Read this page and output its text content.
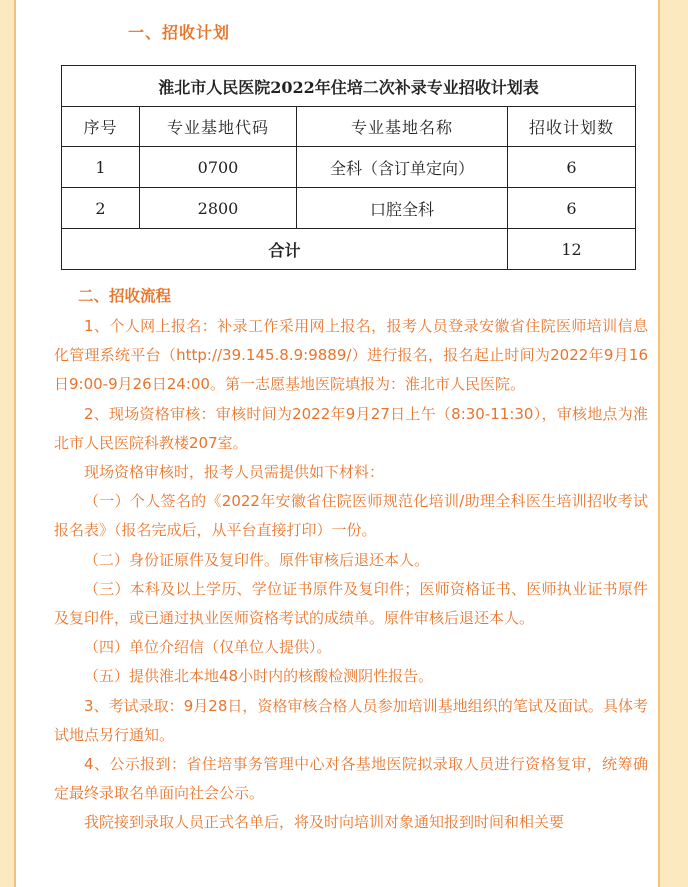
一、招收计划
淮北市人民医院2022年住培二次补录专业招收计划表			
序号	专业基地代码	专业基地名称	招收计划数
1	0700	全科（含订单定向）	6
2	2800	口腔全科	6
合计			12
二、招收流程

1、个人网上报名：补录工作采用网上报名，报考人员登录安徽省住院医师培训信息化管理系统平台（http://39.145.8.9:9889/）进行报名，报名起止时间为2022年9月16日9:00-9月26日24:00。第一志愿基地医院填报为：淮北市人民医院。

2、现场资格审核：审核时间为2022年9月27日上午（8:30-11:30），审核地点为淮北市人民医院科教楼207室。

现场资格审核时，报考人员需提供如下材料：

（一）个人签名的《2022年安徽省住院医师规范化培训/助理全科医生培训招收考试报名表》（报名完成后，从平台直接打印）一份。

（二）身份证原件及复印件。原件审核后退还本人。

（三）本科及以上学历、学位证书原件及复印件；医师资格证书、医师执业证书原件及复印件，或已通过执业医师资格考试的成绩单。原件审核后退还本人。

（四）单位介绍信（仅单位人提供）。

（五）提供淮北本地48小时内的核酸检测阴性报告。

3、考试录取：9月28日，资格审核合格人员参加培训基地组织的笔试及面试。具体考试地点另行通知。

4、公示报到：省住培事务管理中心对各基地医院拟录取人员进行资格复审，统筹确定最终录取名单面向社会公示。

我院接到录取人员正式名单后，将及时向培训对象通知报到时间和相关要
